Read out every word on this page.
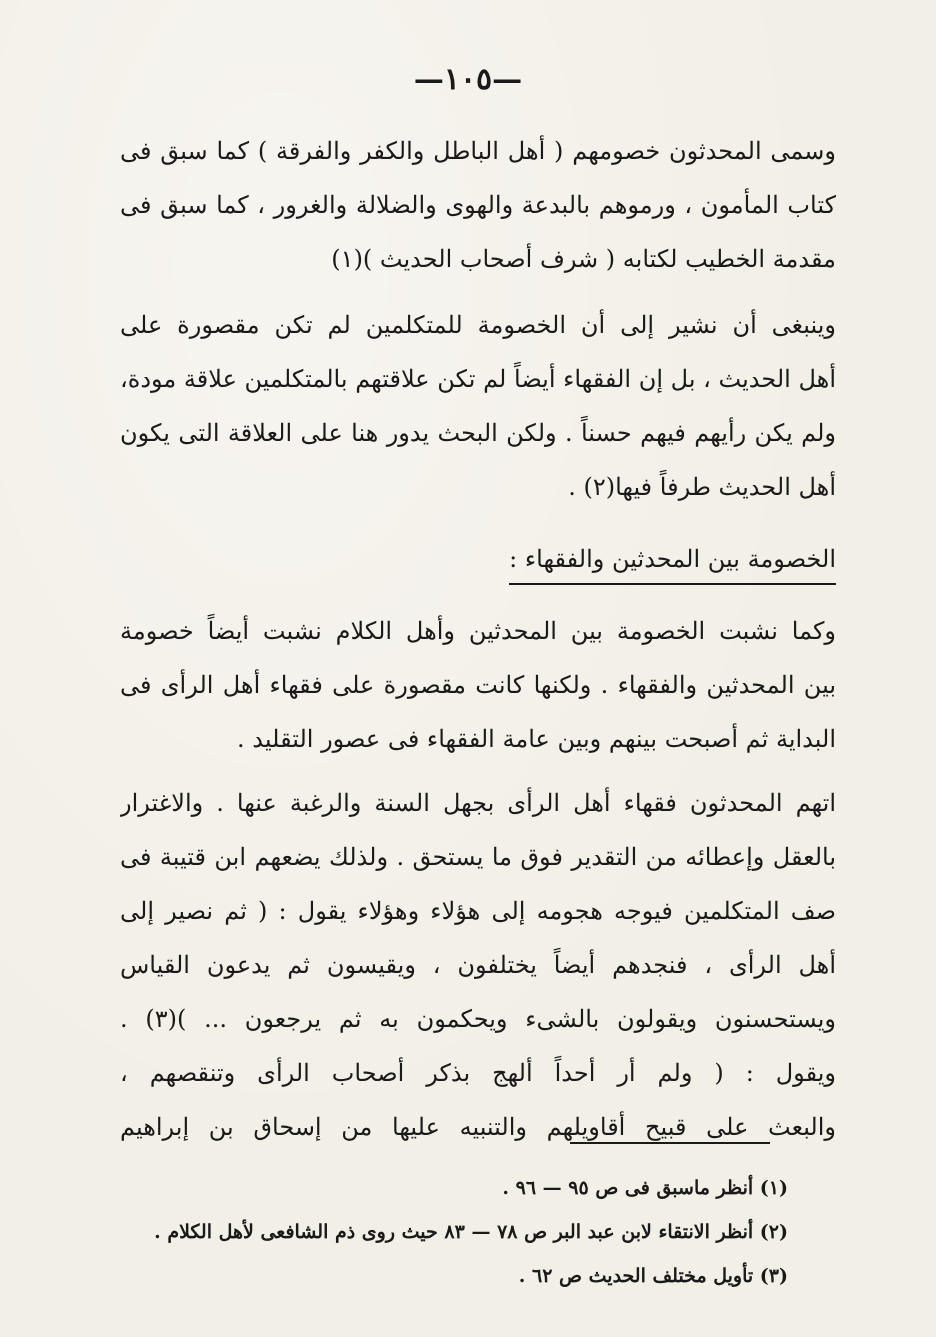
—١٠٥—
وسمى المحدثون خصومهم ( أهل الباطل والكفر والفرقة ) كما سبق فى
كتاب المأمون ، ورموهم بالبدعة والهوى والضلالة والغرور ، كما سبق فى
مقدمة الخطيب لكتابه ( شرف أصحاب الحديث )(١)
وينبغى أن نشير إلى أن الخصومة للمتكلمين لم تكن مقصورة على
أهل الحديث ، بل إن الفقهاء أيضاً لم تكن علاقتهم بالمتكلمين علاقة مودة،
ولم يكن رأيهم فيهم حسناً . ولكن البحث يدور هنا على العلاقة التى يكون
أهل الحديث طرفاً فيها(٢) .
الخصومة بين المحدثين والفقهاء :
وكما نشبت الخصومة بين المحدثين وأهل الكلام نشبت أيضاً خصومة
بين المحدثين والفقهاء . ولكنها كانت مقصورة على فقهاء أهل الرأى فى
البداية ثم أصبحت بينهم وبين عامة الفقهاء فى عصور التقليد .
اتهم المحدثون فقهاء أهل الرأى بجهل السنة والرغبة عنها . والاغترار
بالعقل وإعطائه من التقدير فوق ما يستحق . ولذلك يضعهم ابن قتيبة فى
صف المتكلمين فيوجه هجومه إلى هؤلاء وهؤلاء يقول : ( ثم نصير إلى
أهل الرأى ، فنجدهم أيضاً يختلفون ، ويقيسون ثم يدعون القياس
ويستحسنون ويقولون بالشىء ويحكمون به ثم يرجعون ... )(٣) .
ويقول : ( ولم أر أحداً ألهج بذكر أصحاب الرأى وتنقصهم ،
والبعث على قبيح أقاويلهم والتنبيه عليها من إسحاق بن إبراهيم
(١) أنظر ماسبق فى ص ٩٥ — ٩٦ .
(٢) أنظر الانتقاء لابن عبد البر ص ٧٨ — ٨٣ حيث روى ذم الشافعى لأهل الكلام .
(٣) تأويل مختلف الحديث ص ٦٢ .
